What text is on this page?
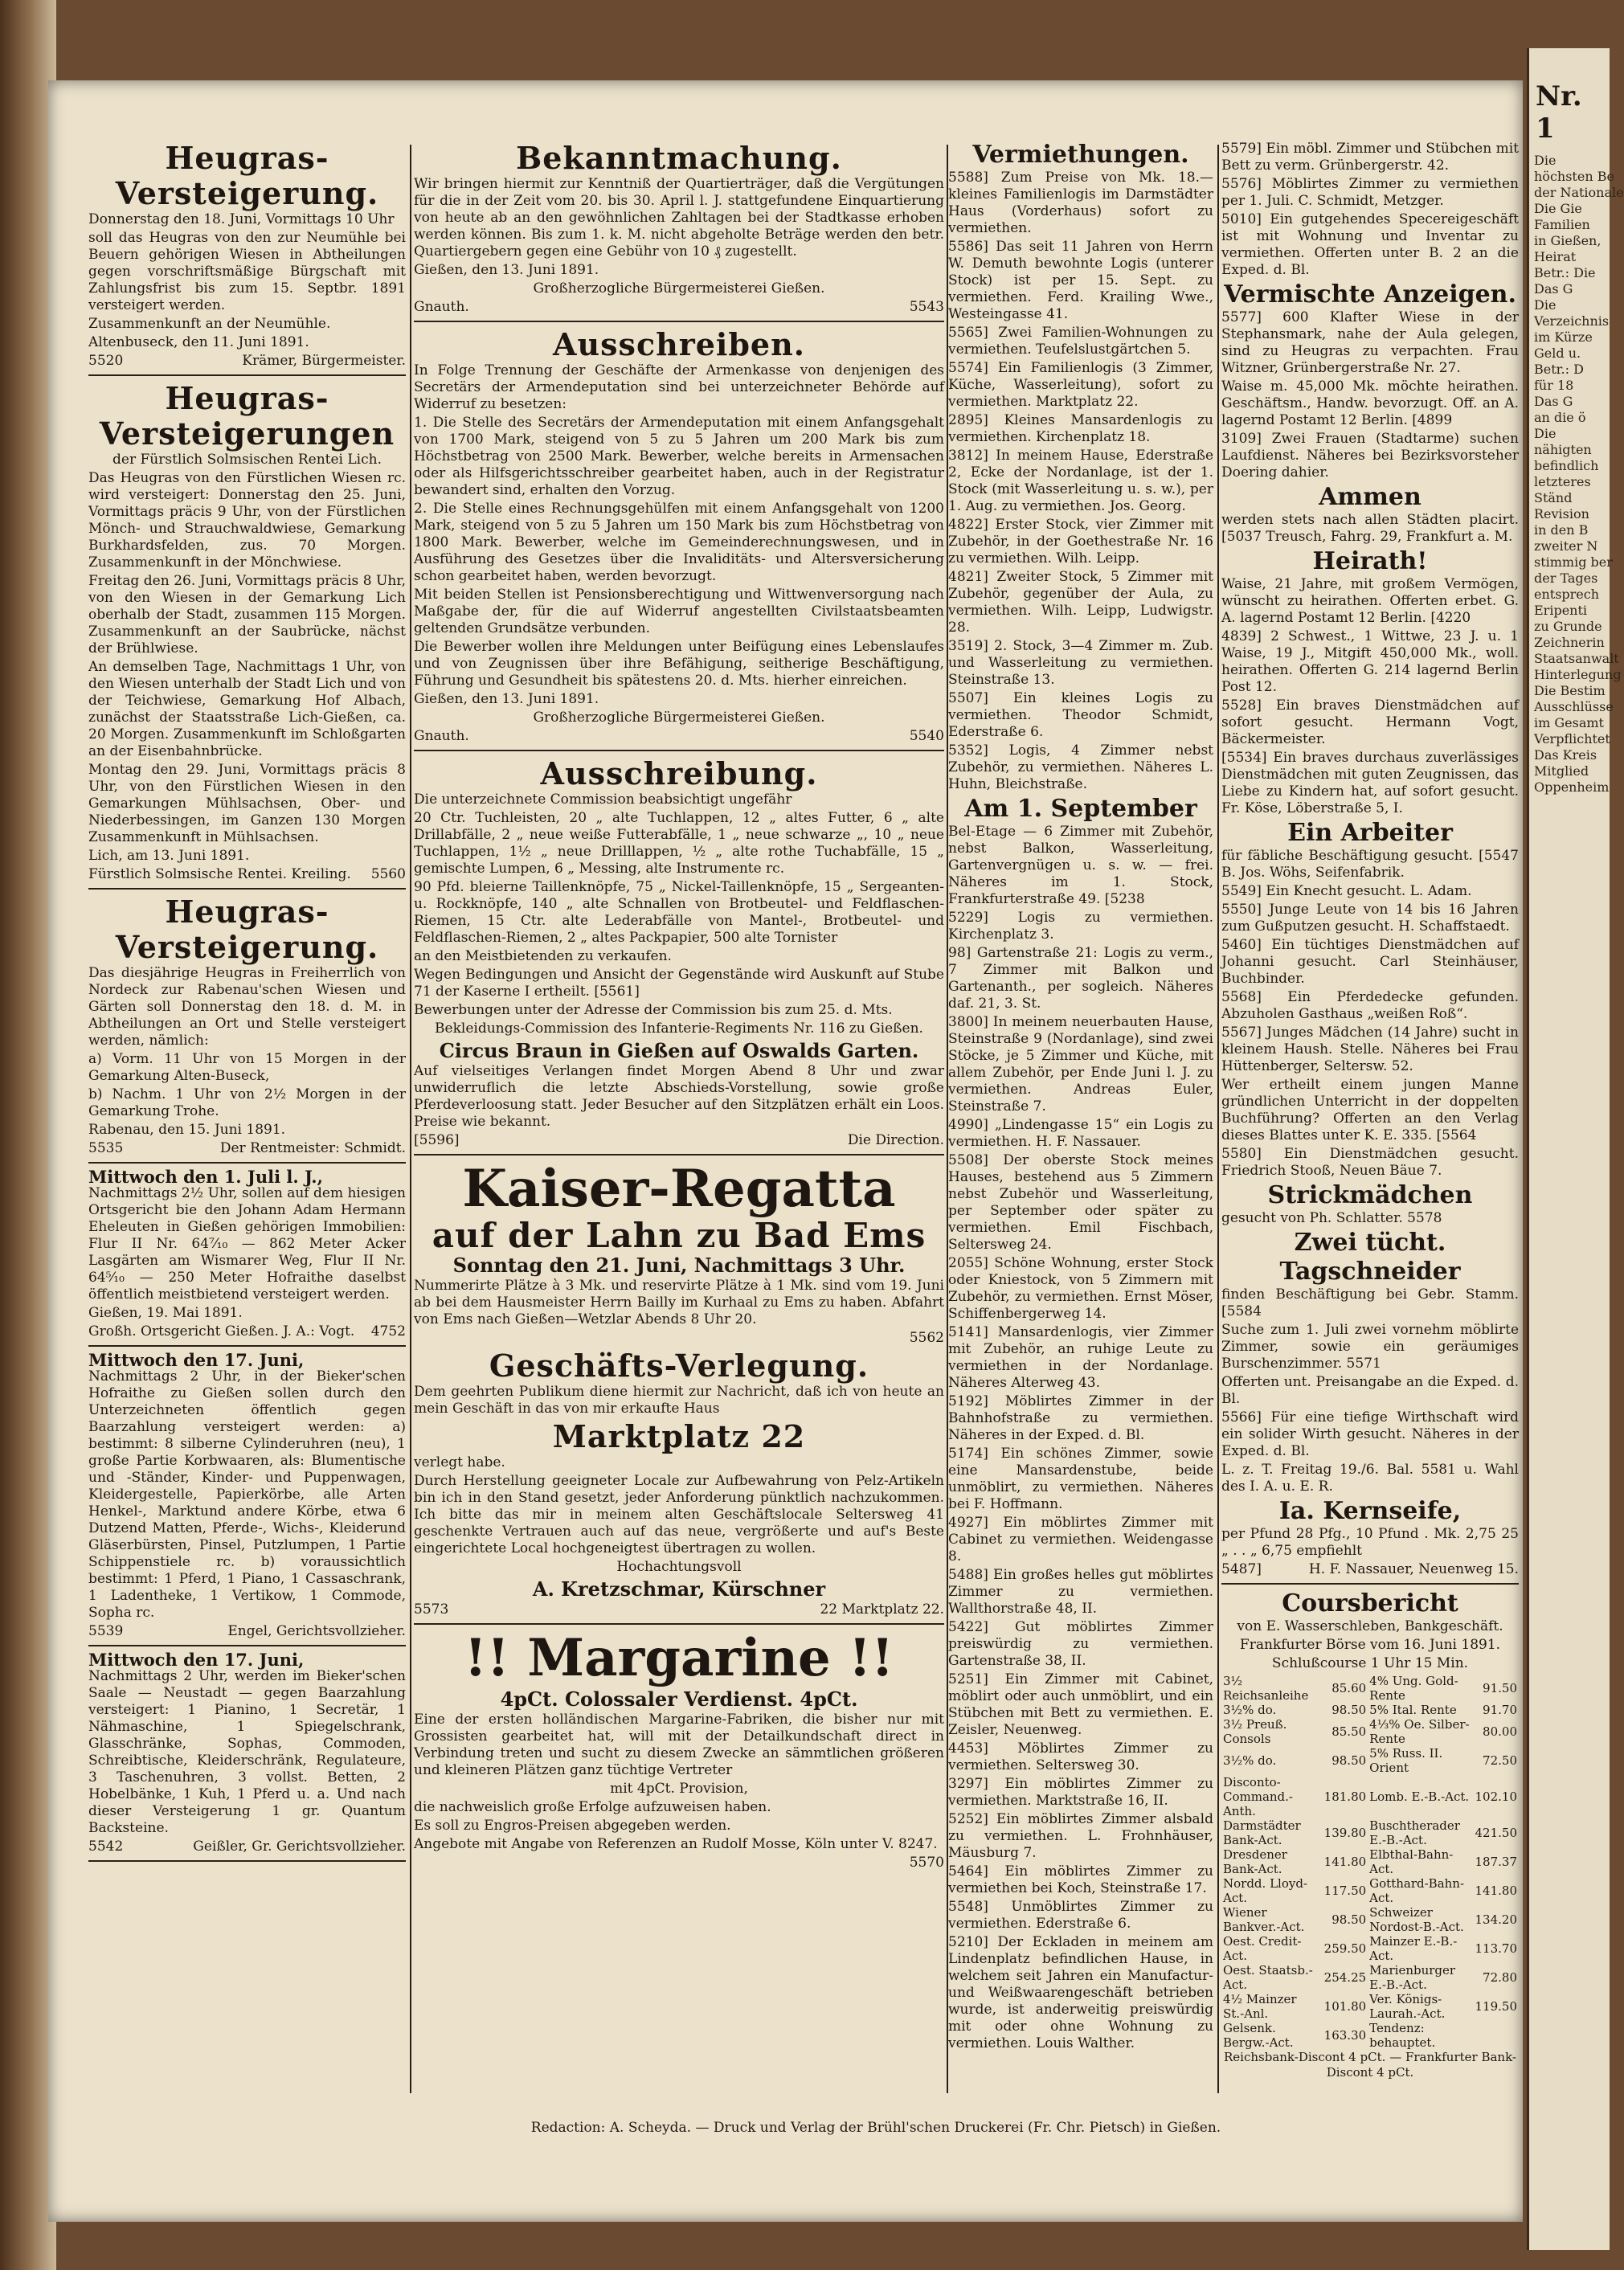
Nr. 1
Die
höchsten Be
der Nationale
Die Gie
Familien
in Gießen,
Heirat
Betr.: Die
Das G
Die
Verzeichnis
im Kürze
Geld u.
Betr.: D
für 18
Das G
an die ö
Die
nähigten
befindlich
letzteres
Ständ
Revision
in den B
zweiter N
stimmig ber
der Tages
entsprech
Eripenti
zu Grunde
Zeichnerin
Staatsanwalt
Hinterlegung
Die Bestim
Ausschlüsse
im Gesamt
Verpflichtet
Das Kreis
Mitglied
Oppenheim
Heugras-Versteigerung.

Donnerstag den 18. Juni, Vormittags 10 Uhr

soll das Heugras von den zur Neumühle bei Beuern gehörigen Wiesen in Abtheilungen gegen vorschriftsmäßige Bürgschaft mit Zahlungsfrist bis zum 15. Septbr. 1891 versteigert werden.

Zusammenkunft an der Neumühle.

Altenbuseck, den 11. Juni 1891.

5520	Krämer, Bürgermeister.
Heugras-Versteigerungen

der Fürstlich Solmsischen Rentei Lich.

Das Heugras von den Fürstlichen Wiesen rc. wird versteigert: Donnerstag den 25. Juni, Vormittags präcis 9 Uhr, von der Fürstlichen Mönch- und Strauchwaldwiese, Gemarkung Burkhardsfelden, zus. 70 Morgen. Zusammenkunft in der Mönchwiese.

Freitag den 26. Juni, Vormittags präcis 8 Uhr, von den Wiesen in der Gemarkung Lich oberhalb der Stadt, zusammen 115 Morgen. Zusammenkunft an der Saubrücke, nächst der Brühlwiese.

An demselben Tage, Nachmittags 1 Uhr, von den Wiesen unterhalb der Stadt Lich und von der Teichwiese, Gemarkung Hof Albach, zunächst der Staatsstraße Lich-Gießen, ca. 20 Morgen. Zusammenkunft im Schloßgarten an der Eisenbahnbrücke.

Montag den 29. Juni, Vormittags präcis 8 Uhr, von den Fürstlichen Wiesen in den Gemarkungen Mühlsachsen, Ober- und Niederbessingen, im Ganzen 130 Morgen Zusammenkunft in Mühlsachsen.

Lich, am 13. Juni 1891.

Fürstlich Solmsische Rentei. Kreiling. 5560
Heugras-Versteigerung.

Das diesjährige Heugras in Freiherrlich von Nordeck zur Rabenau'schen Wiesen und Gärten soll Donnerstag den 18. d. M. in Abtheilungen an Ort und Stelle versteigert werden, nämlich:

a) Vorm. 11 Uhr von 15 Morgen in der Gemarkung Alten-Buseck,

b) Nachm. 1 Uhr von 2½ Morgen in der Gemarkung Trohe.

Rabenau, den 15. Juni 1891.

5535	Der Rentmeister: Schmidt.
Mittwoch den 1. Juli l. J.,

Nachmittags 2½ Uhr, sollen auf dem hiesigen Ortsgericht bie den Johann Adam Hermann Eheleuten in Gießen gehörigen Immobilien: Flur II Nr. 64⁷⁄₁₀ — 862 Meter Acker Lasgärten am Wismarer Weg, Flur II Nr. 64⁵⁄₁₀ — 250 Meter Hofraithe daselbst öffentlich meistbietend versteigert werden.

Gießen, 19. Mai 1891.

Großh. Ortsgericht Gießen. J. A.: Vogt. 4752
Mittwoch den 17. Juni,

Nachmittags 2 Uhr, in der Bieker'schen Hofraithe zu Gießen sollen durch den Unterzeichneten öffentlich gegen Baarzahlung versteigert werden: a) bestimmt: 8 silberne Cylinderuhren (neu), 1 große Partie Korbwaaren, als: Blumentische und -Ständer, Kinder- und Puppenwagen, Kleidergestelle, Papierkörbe, alle Arten Henkel-, Marktund andere Körbe, etwa 6 Dutzend Matten, Pferde-, Wichs-, Kleiderund Gläserbürsten, Pinsel, Putzlumpen, 1 Partie Schippenstiele rc. b) voraussichtlich bestimmt: 1 Pferd, 1 Piano, 1 Cassaschrank, 1 Ladentheke, 1 Vertikow, 1 Commode, Sopha rc.

5539	Engel, Gerichtsvollzieher.
Mittwoch den 17. Juni,

Nachmittags 2 Uhr, werden im Bieker'schen Saale — Neustadt — gegen Baarzahlung versteigert: 1 Pianino, 1 Secretär, 1 Nähmaschine, 1 Spiegelschrank, Glasschränke, Sophas, Commoden, Schreibtische, Kleiderschränk, Regulateure, 3 Taschenuhren, 3 vollst. Betten, 2 Hobelbänke, 1 Kuh, 1 Pferd u. a. Und nach dieser Versteigerung 1 gr. Quantum Backsteine.

5542	Geißler, Gr. Gerichtsvollzieher.
Bekanntmachung.

Wir bringen hiermit zur Kenntniß der Quartierträger, daß die Vergütungen für die in der Zeit vom 20. bis 30. April l. J. stattgefundene Einquartierung von heute ab an den gewöhnlichen Zahltagen bei der Stadtkasse erhoben werden können. Bis zum 1. k. M. nicht abgeholte Beträge werden den betr. Quartiergebern gegen eine Gebühr von 10 ₰ zugestellt.

Gießen, den 13. Juni 1891.

Großherzogliche Bürgermeisterei Gießen.

Gnauth.	5543
Ausschreiben.

In Folge Trennung der Geschäfte der Armenkasse von denjenigen des Secretärs der Armendeputation sind bei unterzeichneter Behörde auf Widerruf zu besetzen:

1. Die Stelle des Secretärs der Armendeputation mit einem Anfangsgehalt von 1700 Mark, steigend von 5 zu 5 Jahren um 200 Mark bis zum Höchstbetrag von 2500 Mark. Bewerber, welche bereits in Armensachen oder als Hilfsgerichtsschreiber gearbeitet haben, auch in der Registratur bewandert sind, erhalten den Vorzug.

2. Die Stelle eines Rechnungsgehülfen mit einem Anfangsgehalt von 1200 Mark, steigend von 5 zu 5 Jahren um 150 Mark bis zum Höchstbetrag von 1800 Mark. Bewerber, welche im Gemeinderechnungswesen, und in Ausführung des Gesetzes über die Invaliditäts- und Altersversicherung schon gearbeitet haben, werden bevorzugt.

Mit beiden Stellen ist Pensionsberechtigung und Wittwenversorgung nach Maßgabe der, für die auf Widerruf angestellten Civilstaatsbeamten geltenden Grundsätze verbunden.

Die Bewerber wollen ihre Meldungen unter Beifügung eines Lebenslaufes und von Zeugnissen über ihre Befähigung, seitherige Beschäftigung, Führung und Gesundheit bis spätestens 20. d. Mts. hierher einreichen.

Gießen, den 13. Juni 1891.

Großherzogliche Bürgermeisterei Gießen.

Gnauth.	5540
Ausschreibung.

Die unterzeichnete Commission beabsichtigt ungefähr

20 Ctr. Tuchleisten, 20 „ alte Tuchlappen, 12 „ altes Futter, 6 „ alte Drillabfälle, 2 „ neue weiße Futterabfälle, 1 „ neue schwarze „, 10 „ neue Tuchlappen, 1½ „ neue Drilllappen, ½ „ alte rothe Tuchabfälle, 15 „ gemischte Lumpen, 6 „ Messing, alte Instrumente rc.

90 Pfd. bleierne Taillenknöpfe, 75 „ Nickel-Taillenknöpfe, 15 „ Sergeanten- u. Rockknöpfe, 140 „ alte Schnallen von Brotbeutel- und Feldflaschen-Riemen, 15 Ctr. alte Lederabfälle von Mantel-, Brotbeutel- und Feldflaschen-Riemen, 2 „ altes Packpapier, 500 alte Tornister

an den Meistbietenden zu verkaufen.

Wegen Bedingungen und Ansicht der Gegenstände wird Auskunft auf Stube 71 der Kaserne I ertheilt. [5561]

Bewerbungen unter der Adresse der Commission bis zum 25. d. Mts.

Bekleidungs-Commission des Infanterie-Regiments Nr. 116 zu Gießen.

Circus Braun in Gießen auf Oswalds Garten.

Auf vielseitiges Verlangen findet Morgen Abend 8 Uhr und zwar unwiderruflich die letzte Abschieds-Vorstellung, sowie große Pferdeverloosung statt. Jeder Besucher auf den Sitzplätzen erhält ein Loos. Preise wie bekannt.

[5596]	Die Direction.
Kaiser-Regatta
auf der Lahn zu Bad Ems
Sonntag den 21. Juni, Nachmittags 3 Uhr.

Nummerirte Plätze à 3 Mk. und reservirte Plätze à 1 Mk. sind vom 19. Juni ab bei dem Hausmeister Herrn Bailly im Kurhaal zu Ems zu haben. Abfahrt von Ems nach Gießen—Wetzlar Abends 8 Uhr 20.

5562

Geschäfts-Verlegung.

Dem geehrten Publikum diene hiermit zur Nachricht, daß ich von heute an mein Geschäft in das von mir erkaufte Haus

Marktplatz 22

verlegt habe.

Durch Herstellung geeigneter Locale zur Aufbewahrung von Pelz-Artikeln bin ich in den Stand gesetzt, jeder Anforderung pünktlich nachzukommen. Ich bitte das mir in meinem alten Geschäftslocale Seltersweg 41 geschenkte Vertrauen auch auf das neue, vergrößerte und auf's Beste eingerichtete Local hochgeneigtest übertragen zu wollen.

Hochachtungsvoll

A. Kretzschmar, Kürschner
5573	22 Marktplatz 22.
!! Margarine !!
4pCt. Colossaler Verdienst. 4pCt.

Eine der ersten holländischen Margarine-Fabriken, die bisher nur mit Grossisten gearbeitet hat, will mit der Detailkundschaft direct in Verbindung treten und sucht zu diesem Zwecke an sämmtlichen größeren und kleineren Plätzen ganz tüchtige Vertreter

mit 4pCt. Provision,

die nachweislich große Erfolge aufzuweisen haben.

Es soll zu Engros-Preisen abgegeben werden.

Angebote mit Angabe von Referenzen an Rudolf Mosse, Köln unter V. 8247.

5570

Vermiethungen.

5588] Zum Preise von Mk. 18.— kleines Familienlogis im Darmstädter Haus (Vorderhaus) sofort zu vermiethen.

5586] Das seit 11 Jahren von Herrn W. Demuth bewohnte Logis (unterer Stock) ist per 15. Sept. zu vermiethen. Ferd. Krailing Wwe., Westeingasse 41.

5565] Zwei Familien-Wohnungen zu vermiethen. Teufelslustgärtchen 5.

5574] Ein Familienlogis (3 Zimmer, Küche, Wasserleitung), sofort zu vermiethen. Marktplatz 22.

2895] Kleines Mansardenlogis zu vermiethen. Kirchenplatz 18.

3812] In meinem Hause, Ederstraße 2, Ecke der Nordanlage, ist der 1. Stock (mit Wasserleitung u. s. w.), per 1. Aug. zu vermiethen. Jos. Georg.

4822] Erster Stock, vier Zimmer mit Zubehör, in der Goethestraße Nr. 16 zu vermiethen. Wilh. Leipp.

4821] Zweiter Stock, 5 Zimmer mit Zubehör, gegenüber der Aula, zu vermiethen. Wilh. Leipp, Ludwigstr. 28.

3519] 2. Stock, 3—4 Zimmer m. Zub. und Wasserleitung zu vermiethen. Steinstraße 13.

5507] Ein kleines Logis zu vermiethen. Theodor Schmidt, Ederstraße 6.

5352] Logis, 4 Zimmer nebst Zubehör, zu vermiethen. Näheres L. Huhn, Bleichstraße.

Am 1. September

Bel-Etage — 6 Zimmer mit Zubehör, nebst Balkon, Wasserleitung, Gartenvergnügen u. s. w. — frei. Näheres im 1. Stock, Frankfurterstraße 49. [5238

5229] Logis zu vermiethen. Kirchenplatz 3.

98] Gartenstraße 21: Logis zu verm., 7 Zimmer mit Balkon und Gartenanth., per sogleich. Näheres daf. 21, 3. St.

3800] In meinem neuerbauten Hause, Steinstraße 9 (Nordanlage), sind zwei Stöcke, je 5 Zimmer und Küche, mit allem Zubehör, per Ende Juni l. J. zu vermiethen. Andreas Euler, Steinstraße 7.

4990] „Lindengasse 15“ ein Logis zu vermiethen. H. F. Nassauer.

5508] Der oberste Stock meines Hauses, bestehend aus 5 Zimmern nebst Zubehör und Wasserleitung, per September oder später zu vermiethen. Emil Fischbach, Seltersweg 24.

2055] Schöne Wohnung, erster Stock oder Kniestock, von 5 Zimmern mit Zubehör, zu vermiethen. Ernst Möser, Schiffenbergerweg 14.

5141] Mansardenlogis, vier Zimmer mit Zubehör, an ruhige Leute zu vermiethen in der Nordanlage. Näheres Alterweg 43.

5192] Möblirtes Zimmer in der Bahnhofstraße zu vermiethen. Näheres in der Exped. d. Bl.

5174] Ein schönes Zimmer, sowie eine Mansardenstube, beide unmöblirt, zu vermiethen. Näheres bei F. Hoffmann.

4927] Ein möblirtes Zimmer mit Cabinet zu vermiethen. Weidengasse 8.

5488] Ein großes helles gut möblirtes Zimmer zu vermiethen. Wallthorstraße 48, II.

5422] Gut möblirtes Zimmer preiswürdig zu vermiethen. Gartenstraße 38, II.

5251] Ein Zimmer mit Cabinet, möblirt oder auch unmöblirt, und ein Stübchen mit Bett zu vermiethen. E. Zeisler, Neuenweg.

4453] Möblirtes Zimmer zu vermiethen. Seltersweg 30.

3297] Ein möblirtes Zimmer zu vermiethen. Marktstraße 16, II.

5252] Ein möblirtes Zimmer alsbald zu vermiethen. L. Frohnhäuser, Mäusburg 7.

5464] Ein möblirtes Zimmer zu vermiethen bei Koch, Steinstraße 17.

5548] Unmöblirtes Zimmer zu vermiethen. Ederstraße 6.

5210] Der Eckladen in meinem am Lindenplatz befindlichen Hause, in welchem seit Jahren ein Manufactur- und Weißwaarengeschäft betrieben wurde, ist anderweitig preiswürdig mit oder ohne Wohnung zu vermiethen. Louis Walther.

5579] Ein möbl. Zimmer und Stübchen mit Bett zu verm. Grünbergerstr. 42.

5576] Möblirtes Zimmer zu vermiethen per 1. Juli. C. Schmidt, Metzger.

5010] Ein gutgehendes Specereigeschäft ist mit Wohnung und Inventar zu vermiethen. Offerten unter B. 2 an die Exped. d. Bl.

Vermischte Anzeigen.

5577] 600 Klafter Wiese in der Stephansmark, nahe der Aula gelegen, sind zu Heugras zu verpachten. Frau Witzner, Grünbergerstraße Nr. 27.

Waise m. 45,000 Mk. möchte heirathen. Geschäftsm., Handw. bevorzugt. Off. an A. lagernd Postamt 12 Berlin. [4899

3109] Zwei Frauen (Stadtarme) suchen Laufdienst. Näheres bei Bezirksvorsteher Doering dahier.

Ammen

werden stets nach allen Städten placirt. [5037 Treusch, Fahrg. 29, Frankfurt a. M.

Heirath!

Waise, 21 Jahre, mit großem Vermögen, wünscht zu heirathen. Offerten erbet. G. A. lagernd Postamt 12 Berlin. [4220

4839] 2 Schwest., 1 Wittwe, 23 J. u. 1 Waise, 19 J., Mitgift 450,000 Mk., woll. heirathen. Offerten G. 214 lagernd Berlin Post 12.

5528] Ein braves Dienstmädchen auf sofort gesucht. Hermann Vogt, Bäckermeister.

[5534] Ein braves durchaus zuverlässiges Dienstmädchen mit guten Zeugnissen, das Liebe zu Kindern hat, auf sofort gesucht. Fr. Köse, Löberstraße 5, I.

Ein Arbeiter

für fäbliche Beschäftigung gesucht. [5547 B. Jos. Wöhs, Seifenfabrik.

5549] Ein Knecht gesucht. L. Adam.

5550] Junge Leute von 14 bis 16 Jahren zum Gußputzen gesucht. H. Schaffstaedt.

5460] Ein tüchtiges Dienstmädchen auf Johanni gesucht. Carl Steinhäuser, Buchbinder.

5568] Ein Pferdedecke gefunden. Abzuholen Gasthaus „weißen Roß“.

5567] Junges Mädchen (14 Jahre) sucht in kleinem Haush. Stelle. Näheres bei Frau Hüttenberger, Seltersw. 52.

Wer ertheilt einem jungen Manne gründlichen Unterricht in der doppelten Buchführung? Offerten an den Verlag dieses Blattes unter K. E. 335. [5564

5580] Ein Dienstmädchen gesucht. Friedrich Stooß, Neuen Bäue 7.

Strickmädchen

gesucht von Ph. Schlatter. 5578

Zwei tücht. Tagschneider

finden Beschäftigung bei Gebr. Stamm. [5584

Suche zum 1. Juli zwei vornehm möblirte Zimmer, sowie ein geräumiges Burschenzimmer. 5571

Offerten unt. Preisangabe an die Exped. d. Bl.

5566] Für eine tiefige Wirthschaft wird ein solider Wirth gesucht. Näheres in der Exped. d. Bl.

L. z. T. Freitag 19./6. Bal. 5581 u. Wahl des I. A. u. E. R.

Ia. Kernseife,

per Pfund 28 Pfg., 10 Pfund . Mk. 2,75 25 „ . . „ 6,75 empfiehlt

5487]	H. F. Nassauer, Neuenweg 15.
Coursbericht

von E. Wasserschleben, Bankgeschäft.

Frankfurter Börse vom 16. Juni 1891.

Schlußcourse 1 Uhr 15 Min.

3½ Reichsanleihe	85.60	4% Ung. Gold-Rente	91.50
3½% do.	98.50	5% Ital. Rente	91.70
3½ Preuß. Consols	85.50	4⅓% Oe. Silber-Rente	80.00
3½% do.	98.50	5% Russ. II. Orient	72.50
Disconto-Command.-Anth.	181.80	Lomb. E.-B.-Act.	102.10
Darmstädter Bank-Act.	139.80	Buschtherader E.-B.-Act.	421.50
Dresdener Bank-Act.	141.80	Elbthal-Bahn-Act.	187.37
Nordd. Lloyd-Act.	117.50	Gotthard-Bahn-Act.	141.80
Wiener Bankver.-Act.	98.50	Schweizer Nordost-B.-Act.	134.20
Oest. Credit-Act.	259.50	Mainzer E.-B.-Act.	113.70
Oest. Staatsb.-Act.	254.25	Marienburger E.-B.-Act.	72.80
4½ Mainzer St.-Anl.	101.80	Ver. Königs-Laurah.-Act.	119.50
Gelsenk. Bergw.-Act.	163.30	Tendenz: behauptet.	

Reichsbank-Discont 4 pCt. — Frankfurter Bank-Discont 4 pCt.

Redaction: A. Scheyda. — Druck und Verlag der Brühl'schen Druckerei (Fr. Chr. Pietsch) in Gießen.
